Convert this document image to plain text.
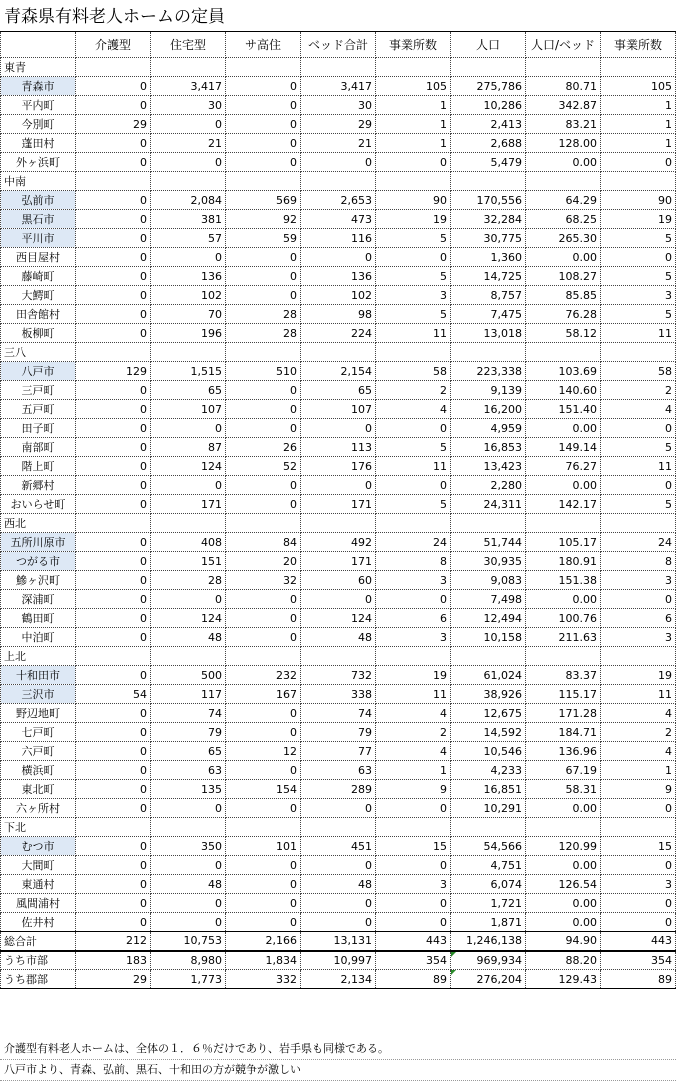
青森県有料老人ホームの定員
	介護型	住宅型	サ高住	ベッド合計	事業所数	人口	人口/ベッド	事業所数
東青								
青森市	0	3,417	0	3,417	105	275,786	80.71	105
平内町	0	30	0	30	1	10,286	342.87	1
今別町	29	0	0	29	1	2,413	83.21	1
蓬田村	0	21	0	21	1	2,688	128.00	1
外ヶ浜町	0	0	0	0	0	5,479	0.00	0
中南								
弘前市	0	2,084	569	2,653	90	170,556	64.29	90
黒石市	0	381	92	473	19	32,284	68.25	19
平川市	0	57	59	116	5	30,775	265.30	5
西目屋村	0	0	0	0	0	1,360	0.00	0
藤崎町	0	136	0	136	5	14,725	108.27	5
大鰐町	0	102	0	102	3	8,757	85.85	3
田舎館村	0	70	28	98	5	7,475	76.28	5
板柳町	0	196	28	224	11	13,018	58.12	11
三八								
八戸市	129	1,515	510	2,154	58	223,338	103.69	58
三戸町	0	65	0	65	2	9,139	140.60	2
五戸町	0	107	0	107	4	16,200	151.40	4
田子町	0	0	0	0	0	4,959	0.00	0
南部町	0	87	26	113	5	16,853	149.14	5
階上町	0	124	52	176	11	13,423	76.27	11
新郷村	0	0	0	0	0	2,280	0.00	0
おいらせ町	0	171	0	171	5	24,311	142.17	5
西北								
五所川原市	0	408	84	492	24	51,744	105.17	24
つがる市	0	151	20	171	8	30,935	180.91	8
鰺ヶ沢町	0	28	32	60	3	9,083	151.38	3
深浦町	0	0	0	0	0	7,498	0.00	0
鶴田町	0	124	0	124	6	12,494	100.76	6
中泊町	0	48	0	48	3	10,158	211.63	3
上北								
十和田市	0	500	232	732	19	61,024	83.37	19
三沢市	54	117	167	338	11	38,926	115.17	11
野辺地町	0	74	0	74	4	12,675	171.28	4
七戸町	0	79	0	79	2	14,592	184.71	2
六戸町	0	65	12	77	4	10,546	136.96	4
横浜町	0	63	0	63	1	4,233	67.19	1
東北町	0	135	154	289	9	16,851	58.31	9
六ヶ所村	0	0	0	0	0	10,291	0.00	0
下北								
むつ市	0	350	101	451	15	54,566	120.99	15
大間町	0	0	0	0	0	4,751	0.00	0
東通村	0	48	0	48	3	6,074	126.54	3
風間浦村	0	0	0	0	0	1,721	0.00	0
佐井村	0	0	0	0	0	1,871	0.00	0
総合計	212	10,753	2,166	13,131	443	1,246,138	94.90	443
うち市部	183	8,980	1,834	10,997	354	969,934	88.20	354
うち郡部	29	1,773	332	2,134	89	276,204	129.43	89
介護型有料老人ホームは、全体の１．６％だけであり、岩手県も同様である。
八戸市より、青森、弘前、黒石、十和田の方が競争が激しい
